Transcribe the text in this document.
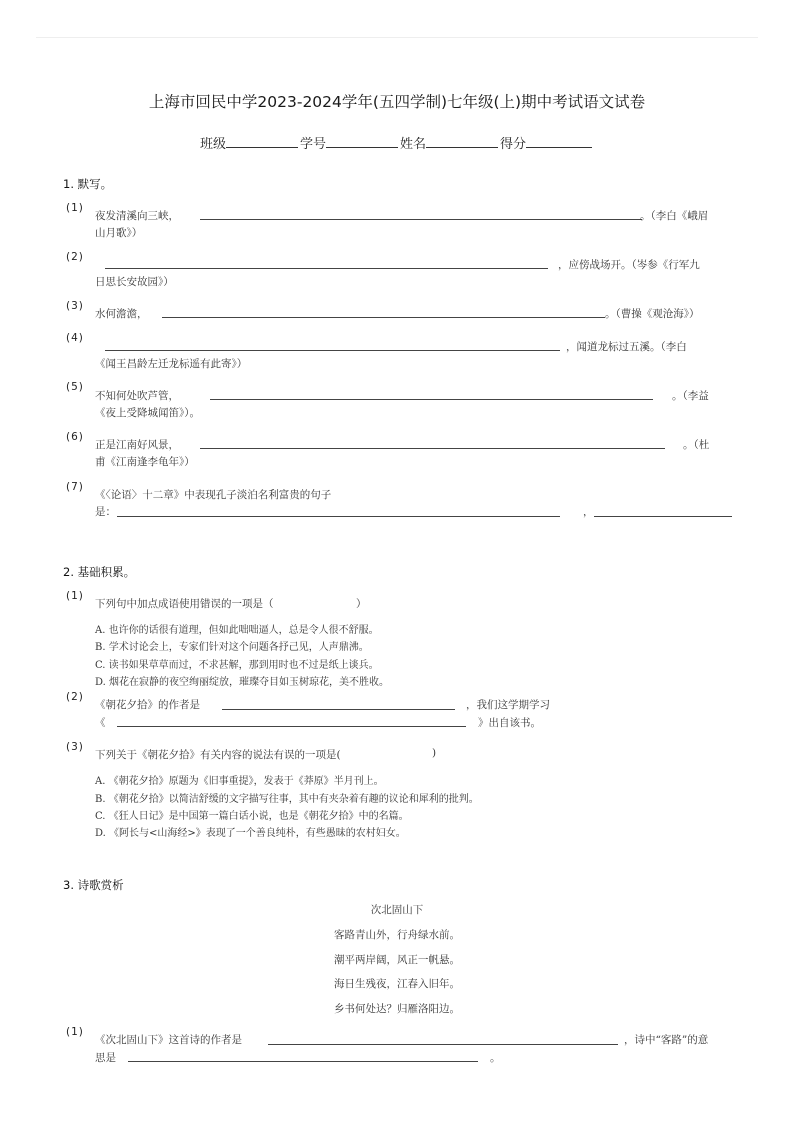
上海市回民中学2023-2024学年(五四学制)七年级(上)期中考试语文试卷
班级	学号	姓名	得分
1. 默写。
(1)
夜发清溪向三峡，	。（李白《峨眉
山月歌》）
(2)
，应傍战场开。（岑参《行军九
日思长安故园》）
(3)
水何澹澹，	。（曹操《观沧海》）
(4)
，闻道龙标过五溪。（李白
《闻王昌龄左迁龙标遥有此寄》）
(5)
不知何处吹芦管，	。（李益
《夜上受降城闻笛》）。
(6)
正是江南好风景，	。（杜
甫《江南逢李龟年》）
(7)
《〈论语〉十二章》中表现孔子淡泊名利富贵的句子
是：	，
2. 基础积累。
(1)
下列句中加点成语使用错误的一项是（	）
A. 也许你的话很有道理，但如此咄咄逼人，总是令人很不舒服。
B. 学术讨论会上，专家们针对这个问题各抒己见，人声鼎沸。
C. 读书如果草草而过，不求甚解，那到用时也不过是纸上谈兵。
D. 烟花在寂静的夜空绚丽绽放，璀璨夺目如玉树琼花，美不胜收。
(2)
《朝花夕拾》的作者是	，我们这学期学习
《	》出自该书。
(3)
下列关于《朝花夕拾》有关内容的说法有误的一项是(	)
A. 《朝花夕拾》原题为《旧事重提》，发表于《莽原》半月刊上。
B. 《朝花夕拾》以简洁舒缓的文字描写往事，其中有夹杂着有趣的议论和犀利的批判。
C. 《狂人日记》是中国第一篇白话小说，也是《朝花夕拾》中的名篇。
D. 《阿长与<山海经>》表现了一个善良纯朴，有些愚昧的农村妇女。
3. 诗歌赏析
次北固山下
客路青山外，行舟绿水前。
潮平两岸阔，风正一帆悬。
海日生残夜，江春入旧年。
乡书何处达？归雁洛阳边。
(1)
《次北固山下》这首诗的作者是	，诗中“客路”的意
思是	。
